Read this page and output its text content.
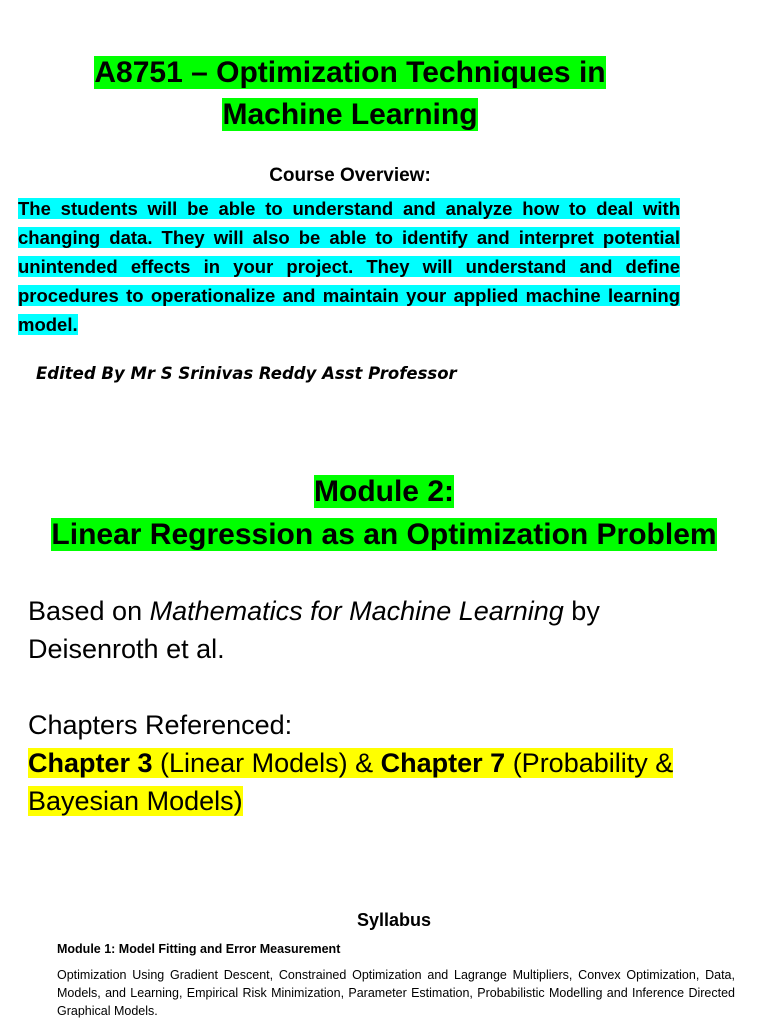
A8751 – Optimization Techniques in
Machine Learning
Course Overview:
The students will be able to understand and analyze how to deal with changing data. They will also be able to identify and interpret potential unintended effects in your project. They will understand and define procedures to operationalize and maintain your applied machine learning model.
Edited By Mr S Srinivas Reddy Asst Professor
Module 2:
Linear Regression as an Optimization Problem
Based on Mathematics for Machine Learning by Deisenroth et al.
Chapters Referenced:
Chapter 3 (Linear Models) & Chapter 7 (Probability & Bayesian Models)
Syllabus
Module 1: Model Fitting and Error Measurement
Optimization Using Gradient Descent, Constrained Optimization and Lagrange Multipliers, Convex Optimization, Data, Models, and Learning, Empirical Risk Minimization, Parameter Estimation, Probabilistic Modelling and Inference Directed Graphical Models.
